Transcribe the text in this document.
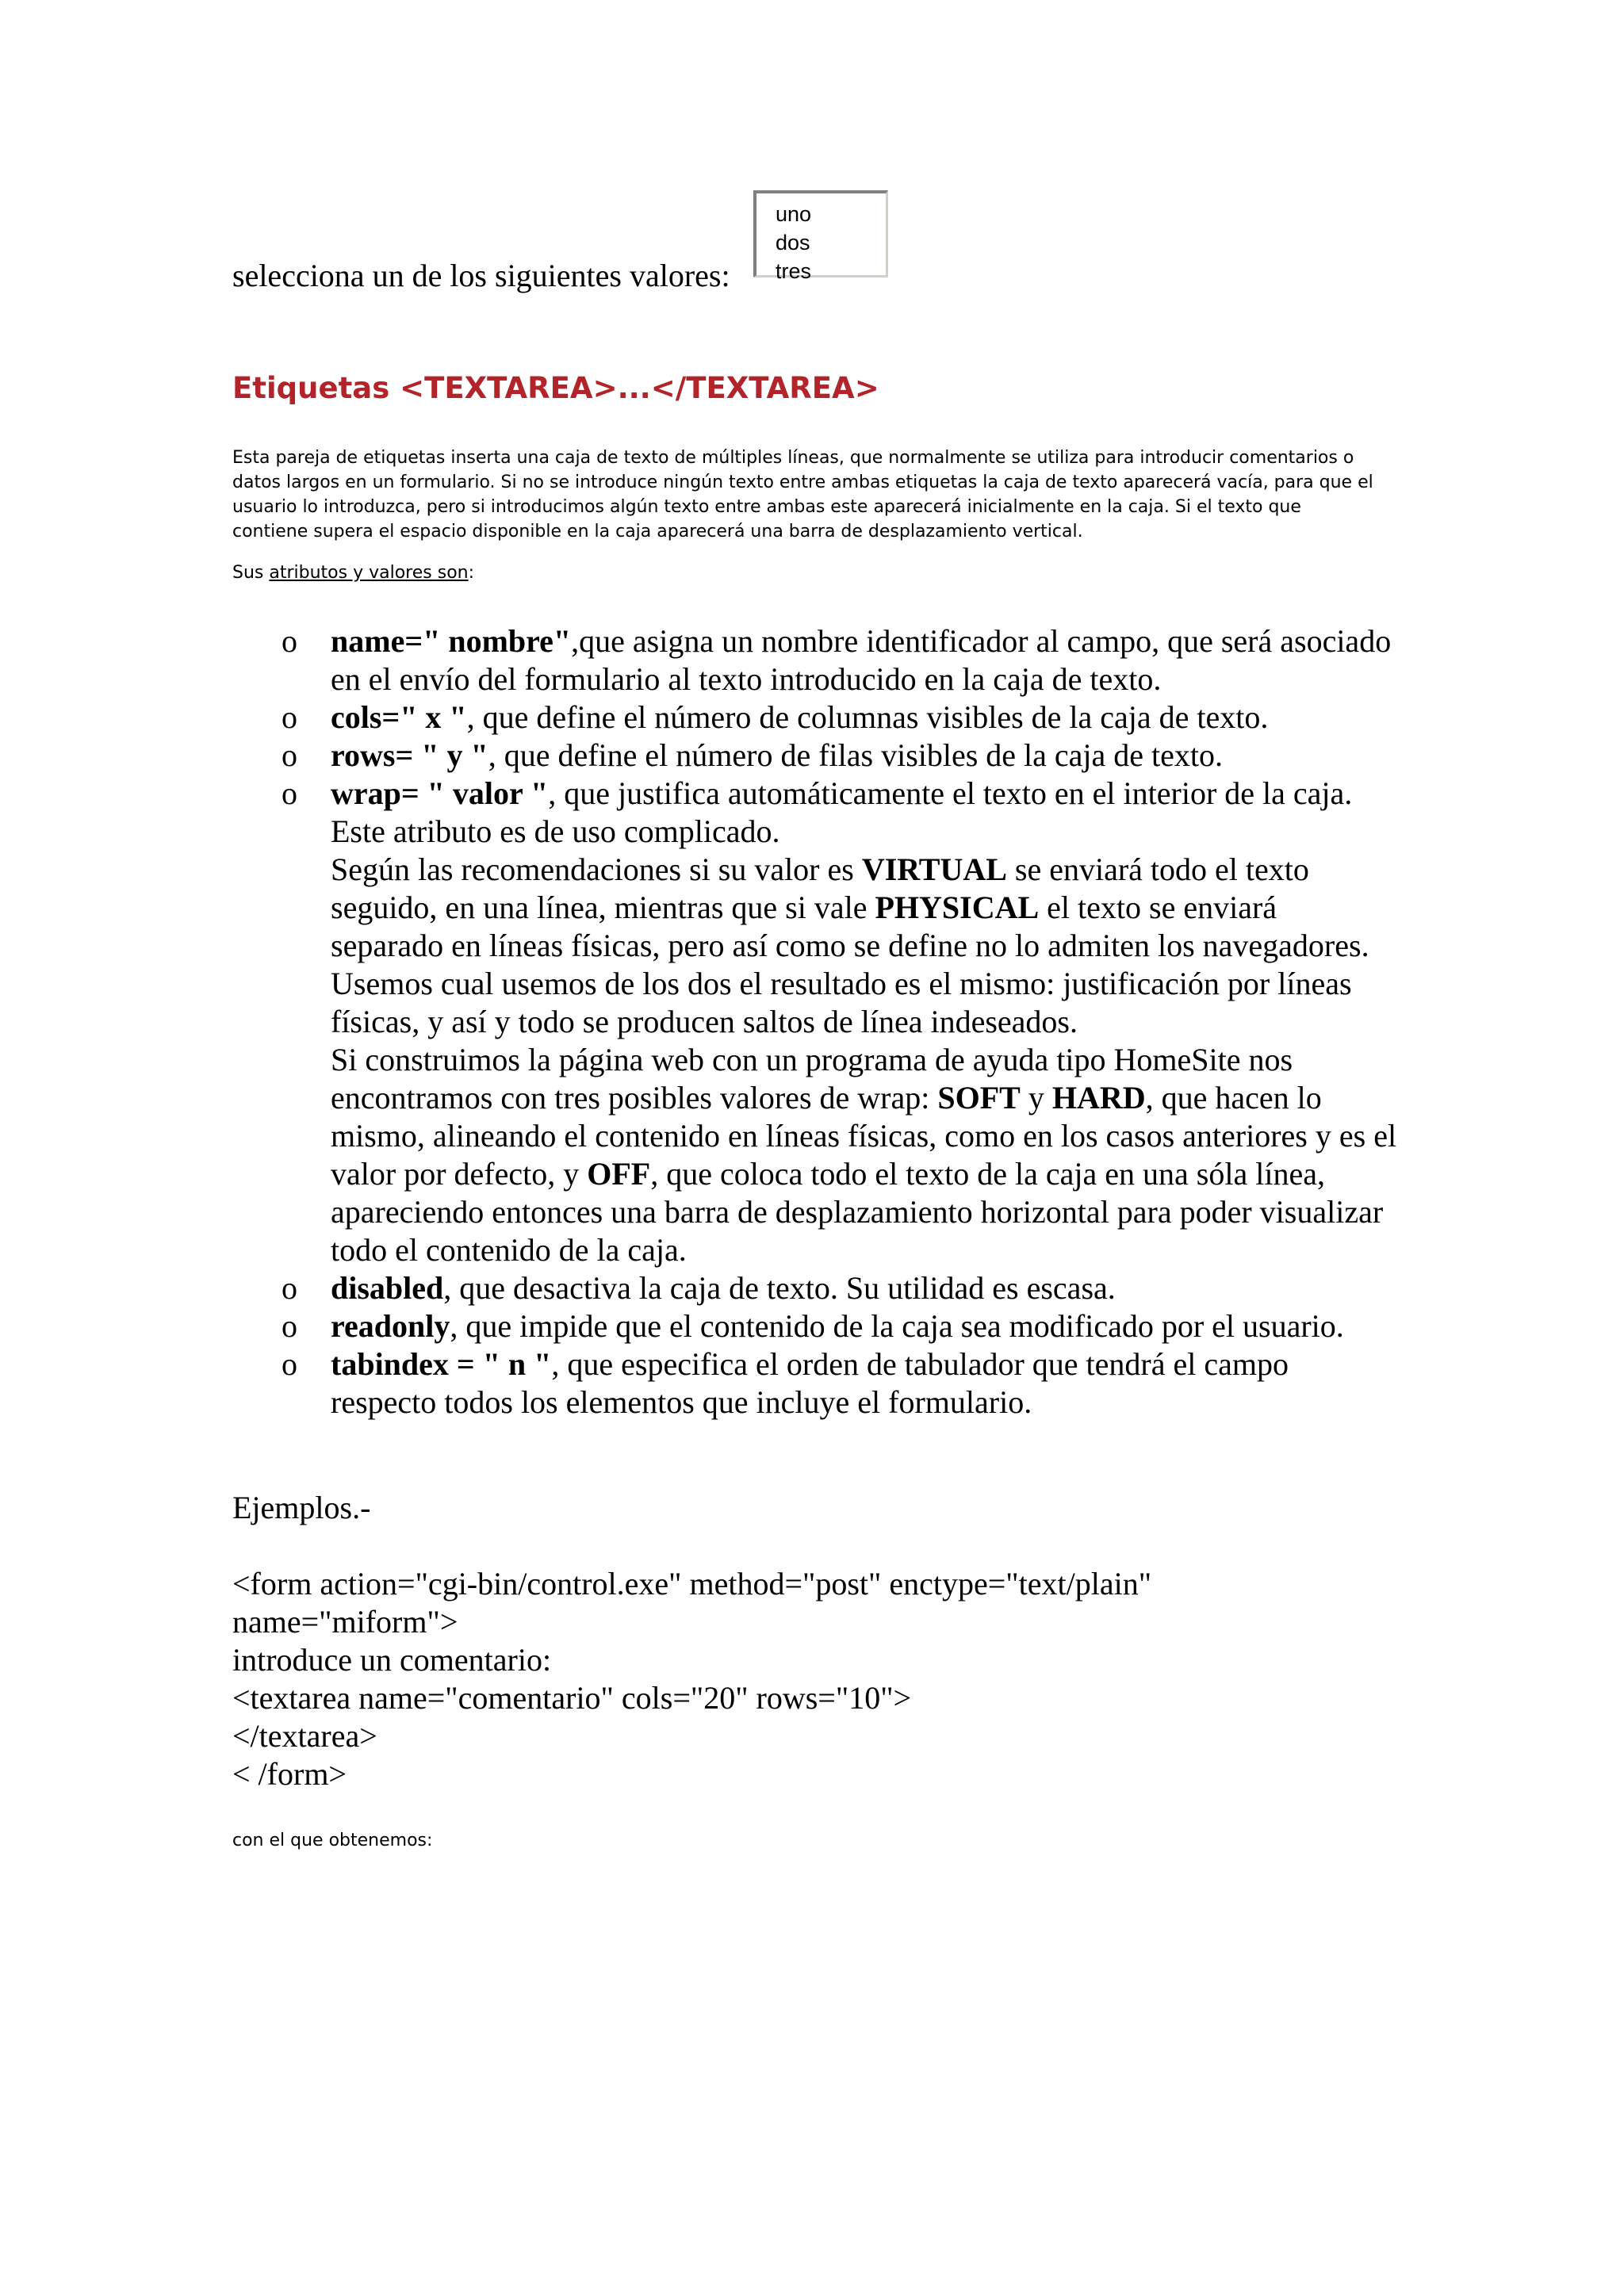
selecciona un de los siguientes valores:
uno
dos
tres
Etiquetas <TEXTAREA>...</TEXTAREA>

Esta pareja de etiquetas inserta una caja de texto de múltiples líneas, que normalmente se utiliza para introducir comentarios o datos largos en un formulario. Si no se introduce ningún texto entre ambas etiquetas la caja de texto aparecerá vacía, para que el usuario lo introduzca, pero si introducimos algún texto entre ambas este aparecerá inicialmente en la caja. Si el texto que contiene supera el espacio disponible en la caja aparecerá una barra de desplazamiento vertical.

Sus atributos y valores son:

o name=" nombre",que asigna un nombre identificador al campo, que será asociado en el envío del formulario al texto introducido en la caja de texto.
o cols=" x ", que define el número de columnas visibles de la caja de texto.
o rows= " y ", que define el número de filas visibles de la caja de texto.
o wrap= " valor ", que justifica automáticamente el texto en el interior de la caja. Este atributo es de uso complicado.
Según las recomendaciones si su valor es VIRTUAL se enviará todo el texto seguido, en una línea, mientras que si vale PHYSICAL el texto se enviará separado en líneas físicas, pero así como se define no lo admiten los navegadores. Usemos cual usemos de los dos el resultado es el mismo: justificación por líneas físicas, y así y todo se producen saltos de línea indeseados.
Si construimos la página web con un programa de ayuda tipo HomeSite nos encontramos con tres posibles valores de wrap: SOFT y HARD, que hacen lo mismo, alineando el contenido en líneas físicas, como en los casos anteriores y es el valor por defecto, y OFF, que coloca todo el texto de la caja en una sóla línea, apareciendo entonces una barra de desplazamiento horizontal para poder visualizar todo el contenido de la caja.
o disabled, que desactiva la caja de texto. Su utilidad es escasa.
o readonly, que impide que el contenido de la caja sea modificado por el usuario.
o tabindex = " n ", que especifica el orden de tabulador que tendrá el campo respecto todos los elementos que incluye el formulario.
Ejemplos.-
<form action="cgi-bin/control.exe" method="post" enctype="text/plain"
name="miform">
introduce un comentario:
<textarea name="comentario" cols="20" rows="10">
</textarea>
< /form>

con el que obtenemos:
